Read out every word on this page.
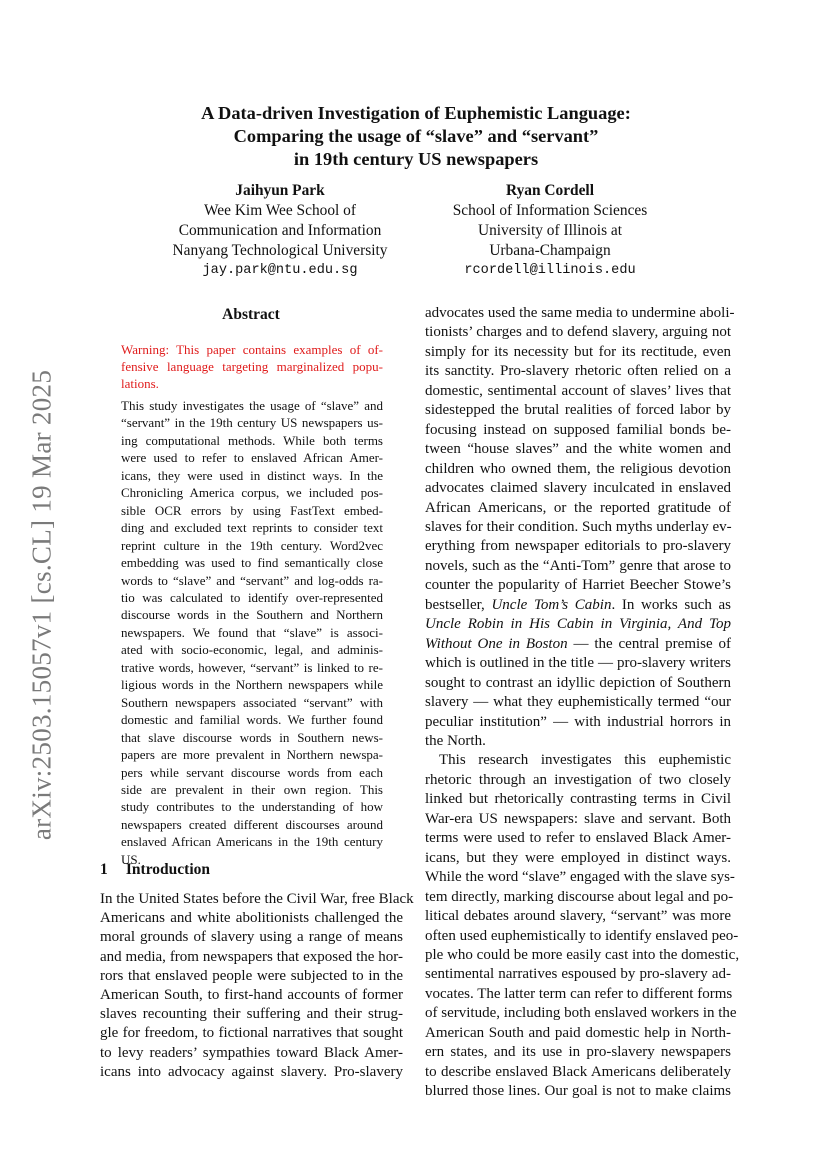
arXiv:2503.15057v1 [cs.CL] 19 Mar 2025
A Data-driven Investigation of Euphemistic Language:
Comparing the usage of “slave” and “servant”
in 19th century US newspapers
Jaihyun Park
Wee Kim Wee School of
Communication and Information
Nanyang Technological University
jay.park@ntu.edu.sg
Ryan Cordell
School of Information Sciences
University of Illinois at
Urbana-Champaign
rcordell@illinois.edu
Abstract
Warning: This paper contains examples of of-
fensive language targeting marginalized popu-
lations.
This study investigates the usage of “slave” and
“servant” in the 19th century US newspapers us-
ing computational methods. While both terms
were used to refer to enslaved African Amer-
icans, they were used in distinct ways. In the
Chronicling America corpus, we included pos-
sible OCR errors by using FastText embed-
ding and excluded text reprints to consider text
reprint culture in the 19th century. Word2vec
embedding was used to find semantically close
words to “slave” and “servant” and log-odds ra-
tio was calculated to identify over-represented
discourse words in the Southern and Northern
newspapers. We found that “slave” is associ-
ated with socio-economic, legal, and adminis-
trative words, however, “servant” is linked to re-
ligious words in the Northern newspapers while
Southern newspapers associated “servant” with
domestic and familial words. We further found
that slave discourse words in Southern news-
papers are more prevalent in Northern newspa-
pers while servant discourse words from each
side are prevalent in their own region. This
study contributes to the understanding of how
newspapers created different discourses around
enslaved African Americans in the 19th century
US.
1 Introduction
In the United States before the Civil War, free Black
Americans and white abolitionists challenged the
moral grounds of slavery using a range of means
and media, from newspapers that exposed the hor-
rors that enslaved people were subjected to in the
American South, to first-hand accounts of former
slaves recounting their suffering and their strug-
gle for freedom, to fictional narratives that sought
to levy readers’ sympathies toward Black Amer-
icans into advocacy against slavery. Pro-slavery
advocates used the same media to undermine aboli-
tionists’ charges and to defend slavery, arguing not
simply for its necessity but for its rectitude, even
its sanctity. Pro-slavery rhetoric often relied on a
domestic, sentimental account of slaves’ lives that
sidestepped the brutal realities of forced labor by
focusing instead on supposed familial bonds be-
tween “house slaves” and the white women and
children who owned them, the religious devotion
advocates claimed slavery inculcated in enslaved
African Americans, or the reported gratitude of
slaves for their condition. Such myths underlay ev-
erything from newspaper editorials to pro-slavery
novels, such as the “Anti-Tom” genre that arose to
counter the popularity of Harriet Beecher Stowe’s
bestseller, Uncle Tom’s Cabin. In works such as
Uncle Robin in His Cabin in Virginia, And Top
Without One in Boston — the central premise of
which is outlined in the title — pro-slavery writers
sought to contrast an idyllic depiction of Southern
slavery — what they euphemistically termed “our
peculiar institution” — with industrial horrors in
the North.
This research investigates this euphemistic
rhetoric through an investigation of two closely
linked but rhetorically contrasting terms in Civil
War-era US newspapers: slave and servant. Both
terms were used to refer to enslaved Black Amer-
icans, but they were employed in distinct ways.
While the word “slave” engaged with the slave sys-
tem directly, marking discourse about legal and po-
litical debates around slavery, “servant” was more
often used euphemistically to identify enslaved peo-
ple who could be more easily cast into the domestic,
sentimental narratives espoused by pro-slavery ad-
vocates. The latter term can refer to different forms
of servitude, including both enslaved workers in the
American South and paid domestic help in North-
ern states, and its use in pro-slavery newspapers
to describe enslaved Black Americans deliberately
blurred those lines. Our goal is not to make claims
